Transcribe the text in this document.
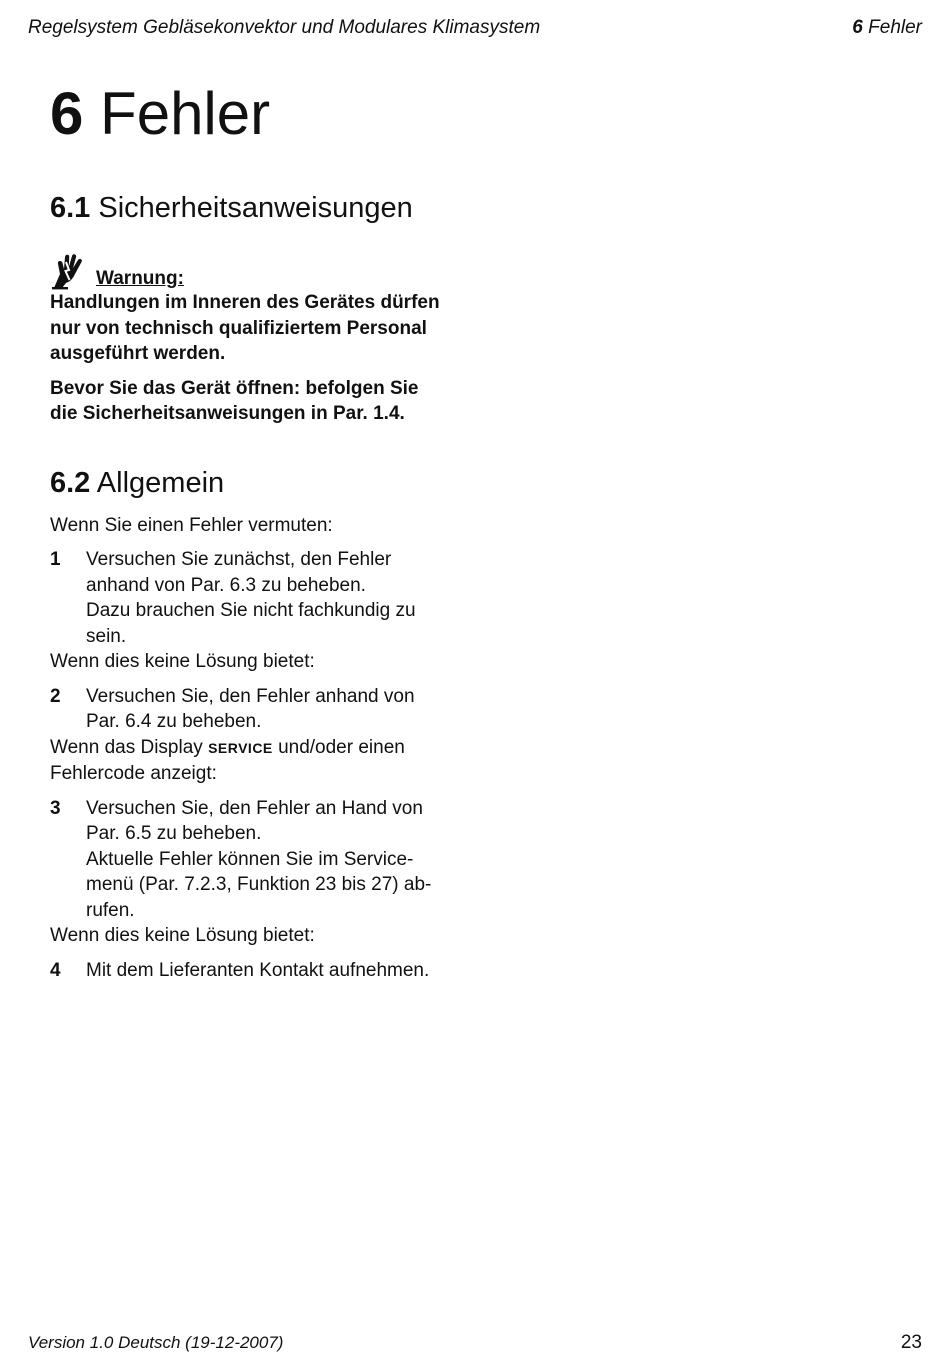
Regelsystem Gebläsekonvektor und Modulares Klimasystem	6 Fehler
6 Fehler
6.1 Sicherheitsanweisungen
Warnung:

Handlungen im Inneren des Gerätes dürfen nur von technisch qualifiziertem Personal ausgeführt werden.

Bevor Sie das Gerät öffnen: befolgen Sie die Sicherheitsanweisungen in Par. 1.4.

6.2 Allgemein

Wenn Sie einen Fehler vermuten:

1	Versuchen Sie zunächst, den Fehler anhand von Par. 6.3 zu beheben.

Dazu brauchen Sie nicht fachkundig zu sein.

Wenn dies keine Lösung bietet:

2	Versuchen Sie, den Fehler anhand von Par. 6.4 zu beheben.

Wenn das Display SERVICE und/oder einen Fehlercode anzeigt:

3	Versuchen Sie, den Fehler an Hand von Par. 6.5 zu beheben.

Aktuelle Fehler können Sie im Servicemenü (Par. 7.2.3, Funktion 23 bis 27) abrufen.

Wenn dies keine Lösung bietet:

4	Mit dem Lieferanten Kontakt aufnehmen.
Version 1.0 Deutsch (19-12-2007)	23
